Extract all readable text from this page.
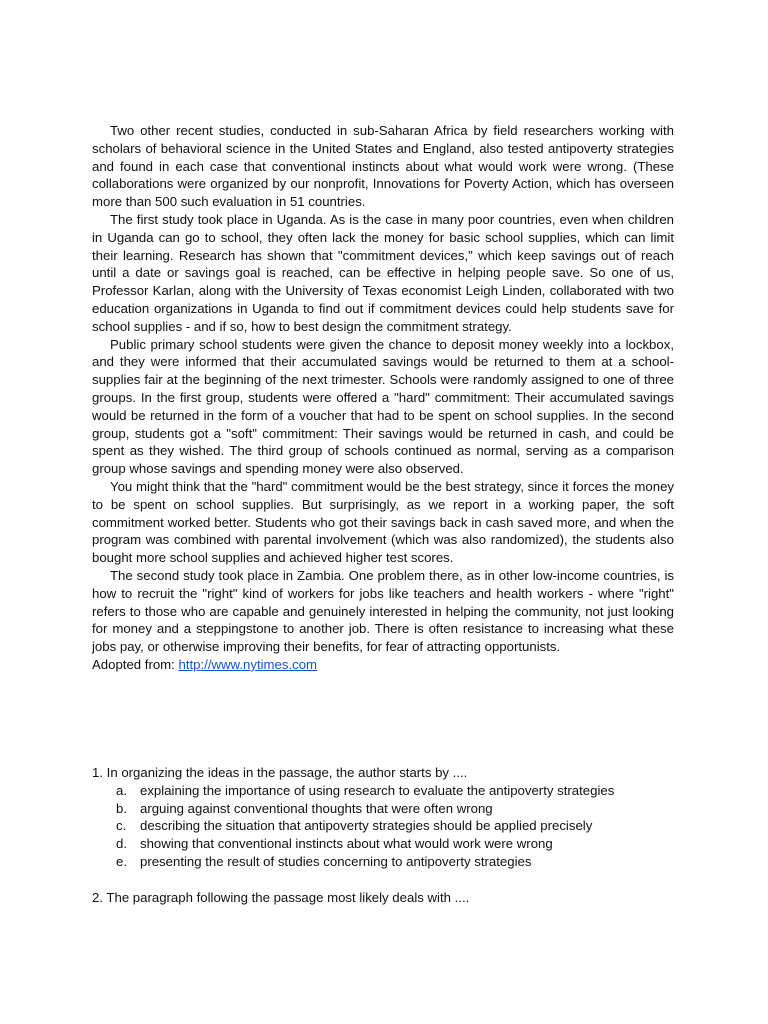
Two other recent studies, conducted in sub-Saharan Africa by field researchers working with scholars of behavioral science in the United States and England, also tested antipoverty strategies and found in each case that conventional instincts about what would work were wrong. (These collaborations were organized by our nonprofit, Innovations for Poverty Action, which has overseen more than 500 such evaluation in 51 countries.

The first study took place in Uganda. As is the case in many poor countries, even when children in Uganda can go to school, they often lack the money for basic school supplies, which can limit their learning. Research has shown that "commitment devices," which keep savings out of reach until a date or savings goal is reached, can be effective in helping people save. So one of us, Professor Karlan, along with the University of Texas economist Leigh Linden, collaborated with two education organizations in Uganda to find out if commitment devices could help students save for school supplies - and if so, how to best design the commitment strategy.

Public primary school students were given the chance to deposit money weekly into a lockbox, and they were informed that their accumulated savings would be returned to them at a school-supplies fair at the beginning of the next trimester. Schools were randomly assigned to one of three groups. In the first group, students were offered a "hard" commitment: Their accumulated savings would be returned in the form of a voucher that had to be spent on school supplies. In the second group, students got a "soft" commitment: Their savings would be returned in cash, and could be spent as they wished. The third group of schools continued as normal, serving as a comparison group whose savings and spending money were also observed.

You might think that the "hard" commitment would be the best strategy, since it forces the money to be spent on school supplies. But surprisingly, as we report in a working paper, the soft commitment worked better. Students who got their savings back in cash saved more, and when the program was combined with parental involvement (which was also randomized), the students also bought more school supplies and achieved higher test scores.

The second study took place in Zambia. One problem there, as in other low-income countries, is how to recruit the "right" kind of workers for jobs like teachers and health workers - where "right" refers to those who are capable and genuinely interested in helping the community, not just looking for money and a steppingstone to another job. There is often resistance to increasing what these jobs pay, or otherwise improving their benefits, for fear of attracting opportunists.

Adopted from: http://www.nytimes.com
1. In organizing the ideas in the passage, the author starts by ....
a. explaining the importance of using research to evaluate the antipoverty strategies
b. arguing against conventional thoughts that were often wrong
c.	describing the situation that antipoverty strategies should be applied precisely
d. showing that conventional instincts about what would work were wrong
e. presenting the result of studies concerning to antipoverty strategies
2. The paragraph following the passage most likely deals with ....
